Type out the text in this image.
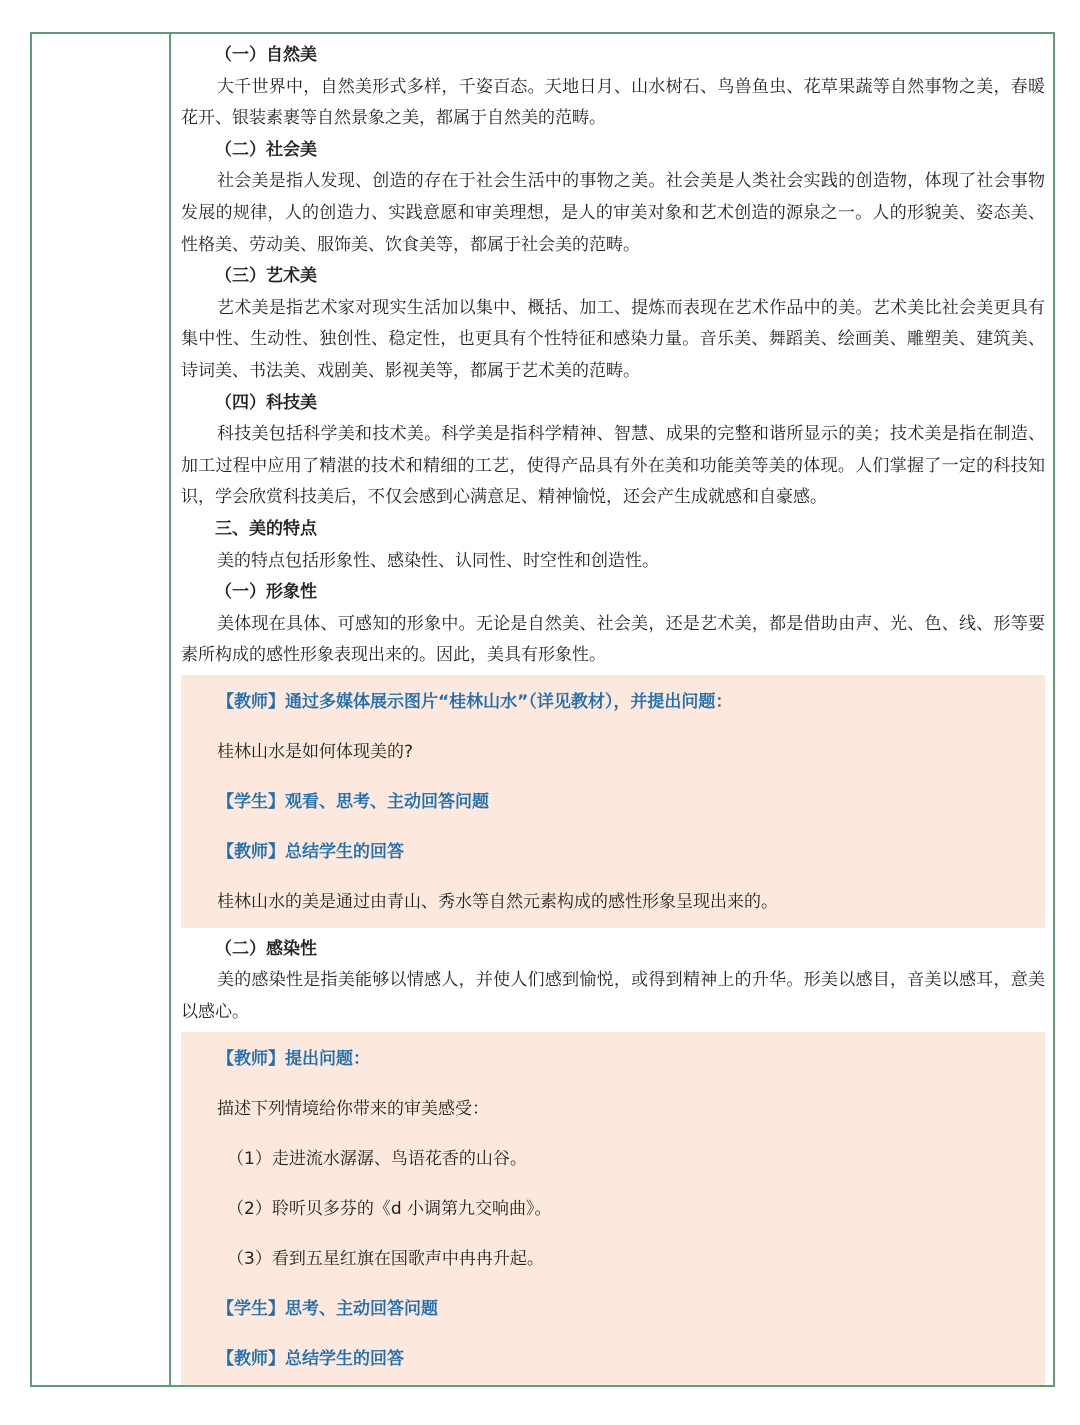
（一）自然美

大千世界中，自然美形式多样，千姿百态。天地日月、山水树石、鸟兽鱼虫、花草果蔬等自然事物之美，春暖花开、银装素裹等自然景象之美，都属于自然美的范畴。

（二）社会美

社会美是指人发现、创造的存在于社会生活中的事物之美。社会美是人类社会实践的创造物，体现了社会事物发展的规律，人的创造力、实践意愿和审美理想，是人的审美对象和艺术创造的源泉之一。人的形貌美、姿态美、性格美、劳动美、服饰美、饮食美等，都属于社会美的范畴。

（三）艺术美

艺术美是指艺术家对现实生活加以集中、概括、加工、提炼而表现在艺术作品中的美。艺术美比社会美更具有集中性、生动性、独创性、稳定性，也更具有个性特征和感染力量。音乐美、舞蹈美、绘画美、雕塑美、建筑美、诗词美、书法美、戏剧美、影视美等，都属于艺术美的范畴。

（四）科技美

科技美包括科学美和技术美。科学美是指科学精神、智慧、成果的完整和谐所显示的美；技术美是指在制造、加工过程中应用了精湛的技术和精细的工艺，使得产品具有外在美和功能美等美的体现。人们掌握了一定的科技知识，学会欣赏科技美后，不仅会感到心满意足、精神愉悦，还会产生成就感和自豪感。

三、美的特点

美的特点包括形象性、感染性、认同性、时空性和创造性。

（一）形象性

美体现在具体、可感知的形象中。无论是自然美、社会美，还是艺术美，都是借助由声、光、色、线、形等要素所构成的感性形象表现出来的。因此，美具有形象性。

【教师】通过多媒体展示图片“桂林山水”（详见教材），并提出问题：
桂林山水是如何体现美的?
【学生】观看、思考、主动回答问题
【教师】总结学生的回答
桂林山水的美是通过由青山、秀水等自然元素构成的感性形象呈现出来的。
（二）感染性

美的感染性是指美能够以情感人，并使人们感到愉悦，或得到精神上的升华。形美以感目，音美以感耳，意美以感心。

【教师】提出问题：
描述下列情境给你带来的审美感受：
（1）走进流水潺潺、鸟语花香的山谷。
（2）聆听贝多芬的《d 小调第九交响曲》。
（3）看到五星红旗在国歌声中冉冉升起。
【学生】思考、主动回答问题
【教师】总结学生的回答
